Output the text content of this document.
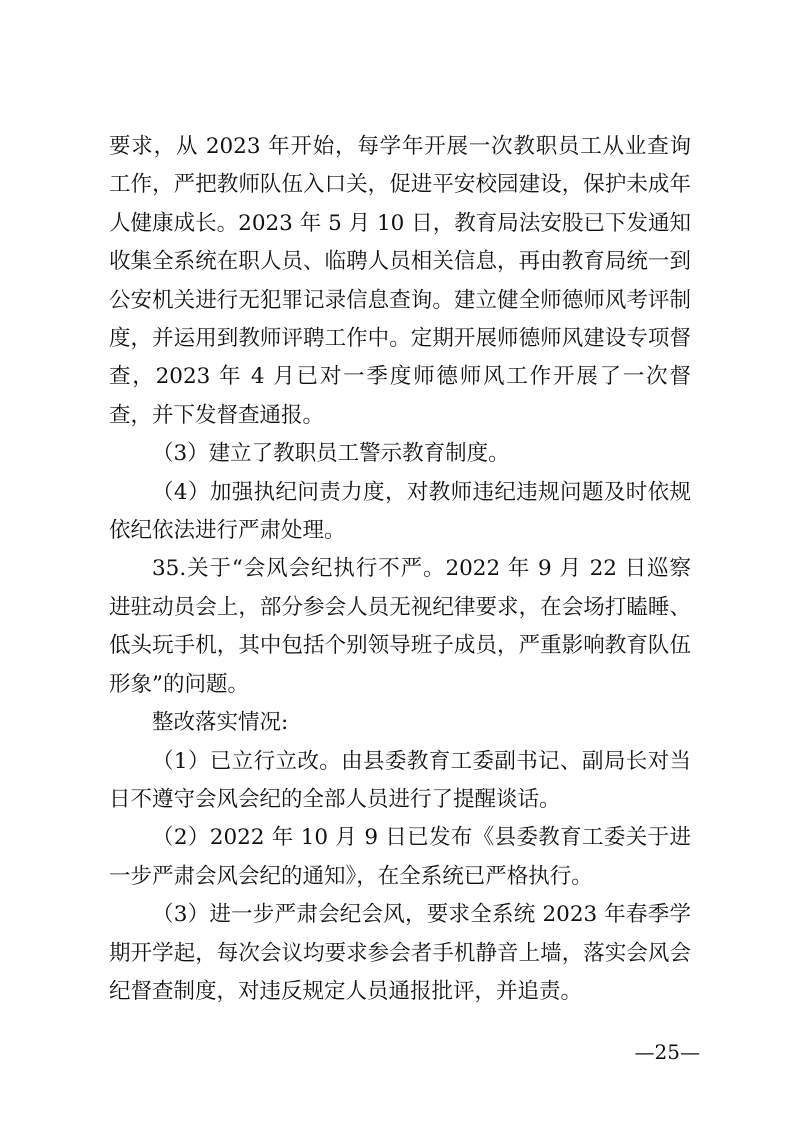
要求，从 2023 年开始，每学年开展一次教职员工从业查询工作，严把教师队伍入口关，促进平安校园建设，保护未成年人健康成长。2023 年 5 月 10 日，教育局法安股已下发通知收集全系统在职人员、临聘人员相关信息，再由教育局统一到公安机关进行无犯罪记录信息查询。建立健全师德师风考评制度，并运用到教师评聘工作中。定期开展师德师风建设专项督查，2023 年 4 月已对一季度师德师风工作开展了一次督查，并下发督查通报。

（3）建立了教职员工警示教育制度。

（4）加强执纪问责力度，对教师违纪违规问题及时依规依纪依法进行严肃处理。

35.关于“会风会纪执行不严。2022 年 9 月 22 日巡察进驻动员会上，部分参会人员无视纪律要求，在会场打瞌睡、低头玩手机，其中包括个别领导班子成员，严重影响教育队伍形象”的问题。

整改落实情况:

（1）已立行立改。由县委教育工委副书记、副局长对当日不遵守会风会纪的全部人员进行了提醒谈话。

（2）2022 年 10 月 9 日已发布《县委教育工委关于进一步严肃会风会纪的通知》，在全系统已严格执行。

（3）进一步严肃会纪会风，要求全系统 2023 年春季学期开学起，每次会议均要求参会者手机静音上墙，落实会风会纪督查制度，对违反规定人员通报批评，并追责。

—25—
